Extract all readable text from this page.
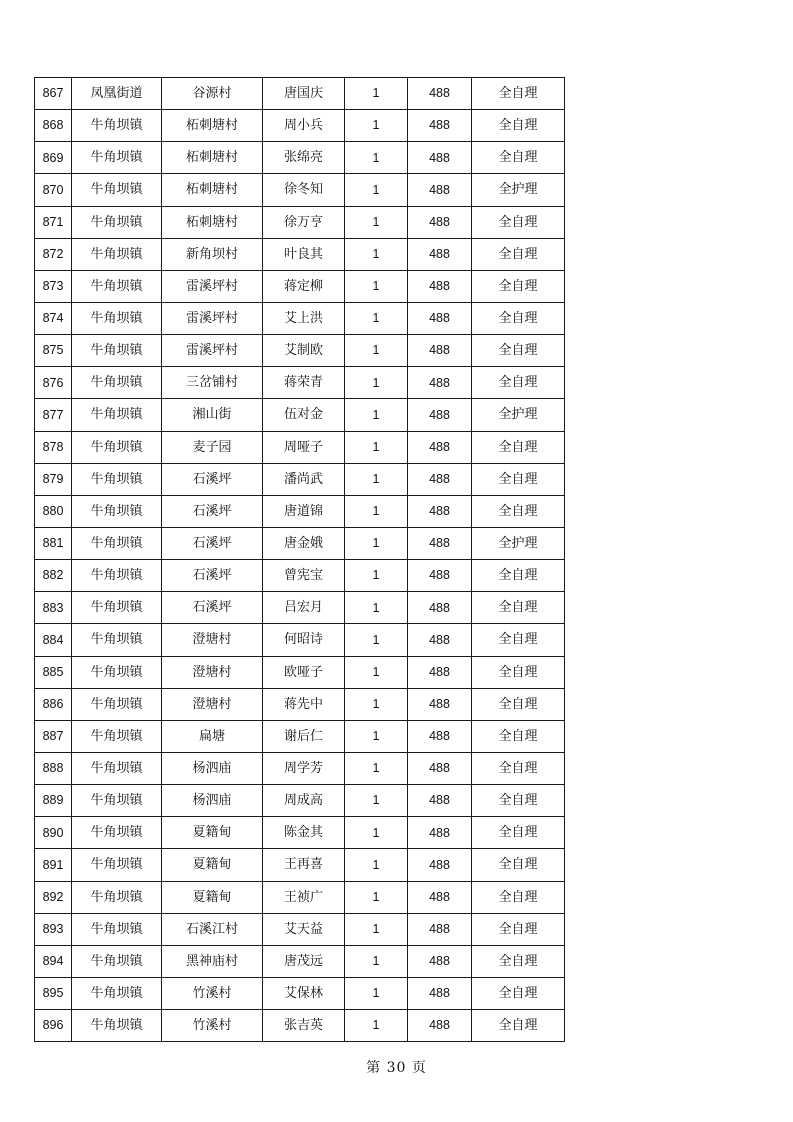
867	凤凰街道	谷源村	唐国庆	1	488	全自理
868	牛角坝镇	柘刺塘村	周小兵	1	488	全自理
869	牛角坝镇	柘刺塘村	张绵亮	1	488	全自理
870	牛角坝镇	柘刺塘村	徐冬知	1	488	全护理
871	牛角坝镇	柘刺塘村	徐万亨	1	488	全自理
872	牛角坝镇	新角坝村	叶良其	1	488	全自理
873	牛角坝镇	雷溪坪村	蒋定柳	1	488	全自理
874	牛角坝镇	雷溪坪村	艾上洪	1	488	全自理
875	牛角坝镇	雷溪坪村	艾制欧	1	488	全自理
876	牛角坝镇	三岔铺村	蒋荣青	1	488	全自理
877	牛角坝镇	湘山街	伍对金	1	488	全护理
878	牛角坝镇	麦子园	周哑子	1	488	全自理
879	牛角坝镇	石溪坪	潘尚武	1	488	全自理
880	牛角坝镇	石溪坪	唐道锦	1	488	全自理
881	牛角坝镇	石溪坪	唐金娥	1	488	全护理
882	牛角坝镇	石溪坪	曾宪宝	1	488	全自理
883	牛角坝镇	石溪坪	吕宏月	1	488	全自理
884	牛角坝镇	澄塘村	何昭诗	1	488	全自理
885	牛角坝镇	澄塘村	欧哑子	1	488	全自理
886	牛角坝镇	澄塘村	蒋先中	1	488	全自理
887	牛角坝镇	扁塘	谢后仁	1	488	全自理
888	牛角坝镇	杨泗庙	周学芳	1	488	全自理
889	牛角坝镇	杨泗庙	周成高	1	488	全自理
890	牛角坝镇	夏籍甸	陈金其	1	488	全自理
891	牛角坝镇	夏籍甸	王再喜	1	488	全自理
892	牛角坝镇	夏籍甸	王祯广	1	488	全自理
893	牛角坝镇	石溪江村	艾天益	1	488	全自理
894	牛角坝镇	黑神庙村	唐茂远	1	488	全自理
895	牛角坝镇	竹溪村	艾保林	1	488	全自理
896	牛角坝镇	竹溪村	张吉英	1	488	全自理
第 30 页
